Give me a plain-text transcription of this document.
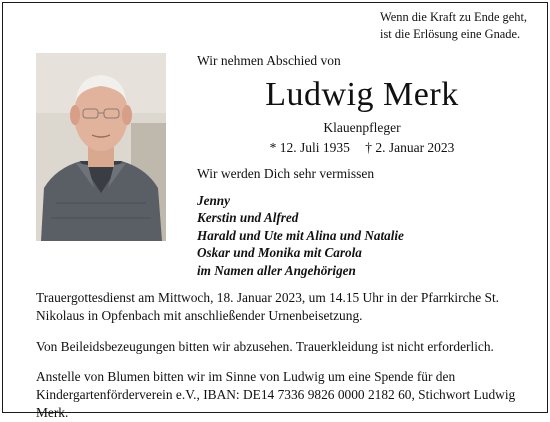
Wenn die Kraft zu Ende geht,
ist die Erlösung eine Gnade.
Wir nehmen Abschied von
Ludwig Merk
Klauenpfleger
* 12. Juli 1935 † 2. Januar 2023
Wir werden Dich sehr vermissen
Jenny
Kerstin und Alfred
Harald und Ute mit Alina und Natalie
Oskar und Monika mit Carola
im Namen aller Angehörigen
Trauergottesdienst am Mittwoch, 18. Januar 2023, um 14.15 Uhr in der Pfarrkirche St. Nikolaus in Opfenbach mit anschließender Urnenbeisetzung.
Von Beileidsbezeugungen bitten wir abzusehen. Trauerkleidung ist nicht erforderlich.
Anstelle von Blumen bitten wir im Sinne von Ludwig um eine Spende für den Kindergartenförderverein e.V., IBAN: DE14 7336 9826 0000 2182 60, Stichwort Ludwig Merk.
